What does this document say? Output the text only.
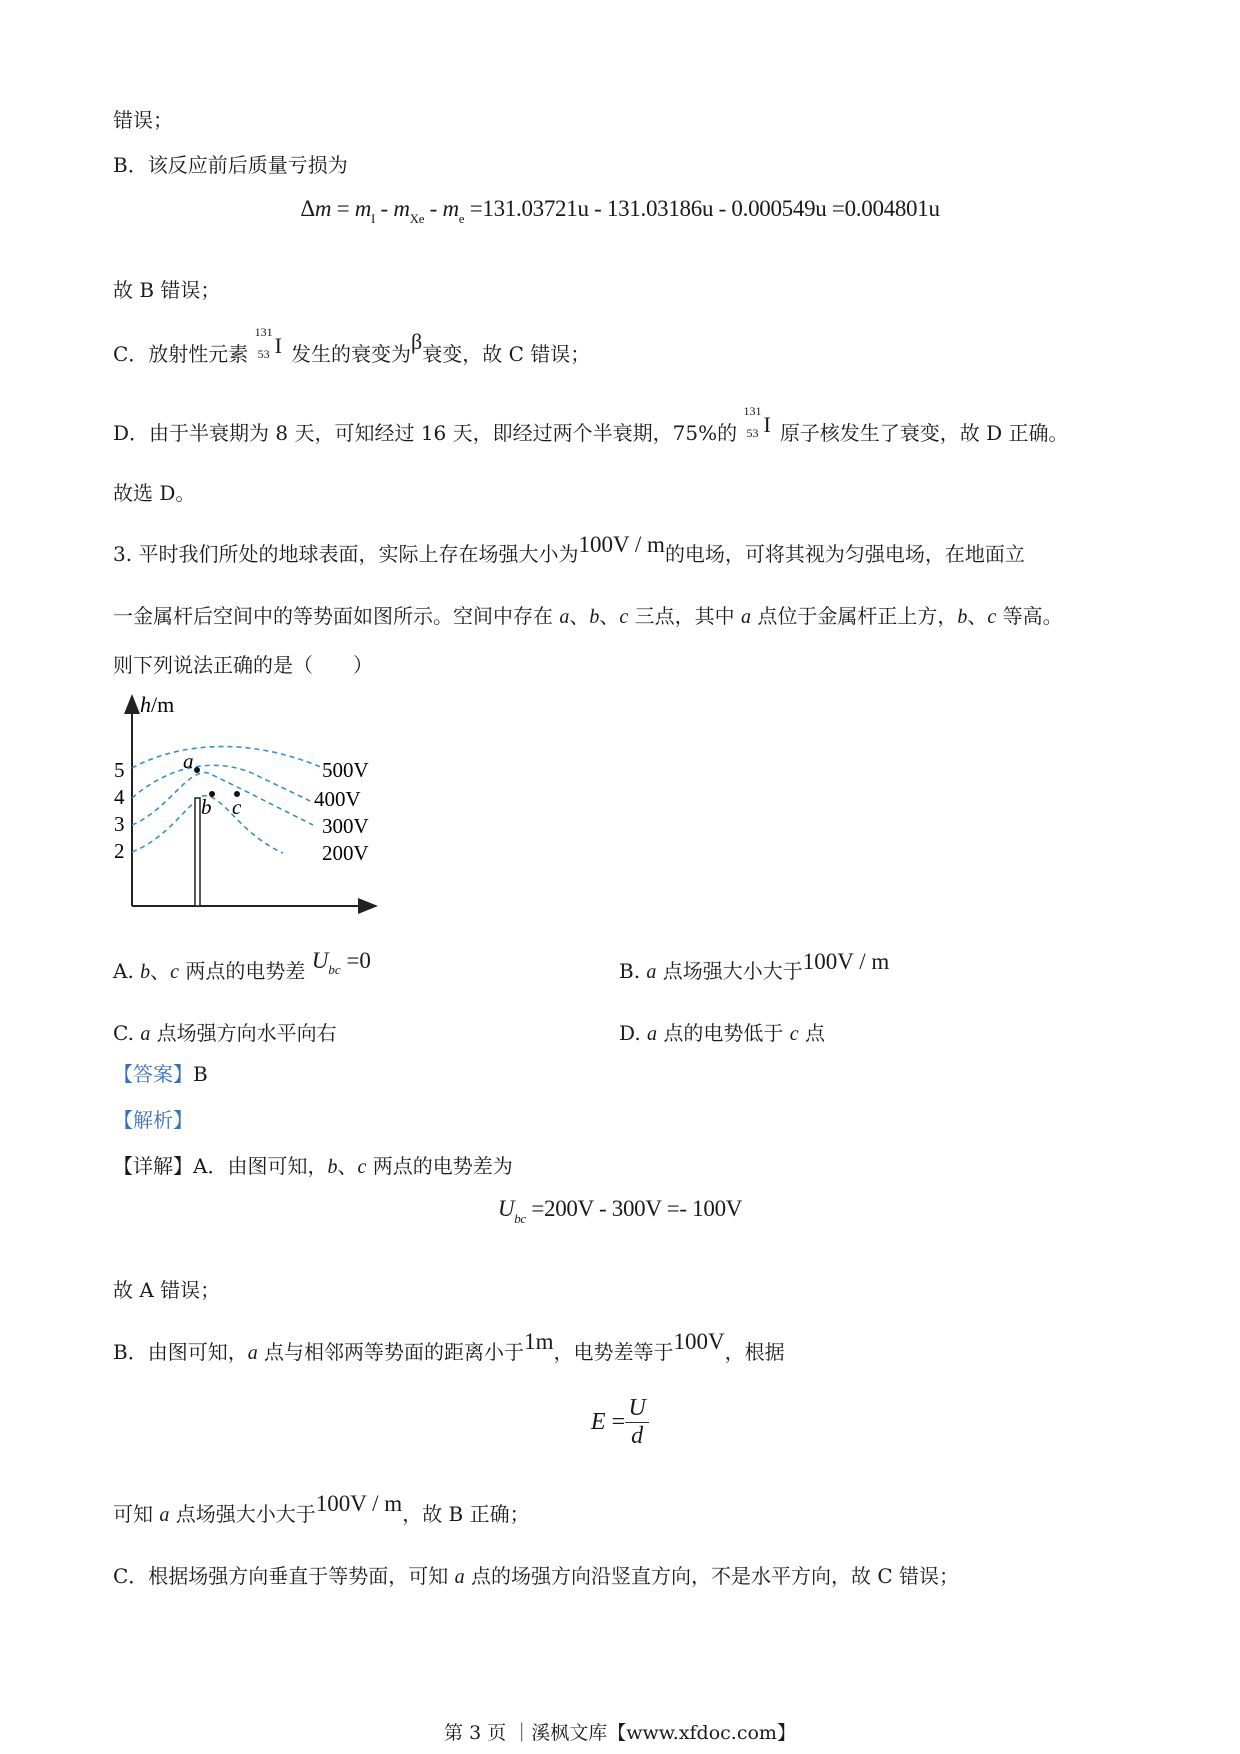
错误；
B．该反应前后质量亏损为
$\Delta m = m_I - m_{Xe} - m_e =131.03721u - 131.03186u - 0.000549u =0.004801u$
故 B 错误；
C．放射性元素
131
53 I 发生的衰变为β衰变，故 C 错误；
D．由于半衰期为 8 天，可知经过 16 天，即经过两个半衰期，75%的
131
53 I 原子核发生了衰变，故 D 正确。
故选 D。
3. 平时我们所处的地球表面，实际上存在场强大小为100V / m的电场，可将其视为匀强电场，在地面立
一金属杆后空间中的等势面如图所示。空间中存在 a、b、c 三点，其中 a 点位于金属杆正上方，b、c 等高。
则下列说法正确的是（　　）
h/m
5
4
3
2
500V
400V
300V
200V
a
b c
A. b、c 两点的电势差 $U_{bc} =0$	B. a 点场强大小大于100V / m
C. a 点场强方向水平向右	D. a 点的电势低于 c 点
【答案】B
【解析】
【详解】A．由图可知，b、c 两点的电势差为
$U_{bc} =200V - 300V =- 100V$
故 A 错误；
B．由图可知，a 点与相邻两等势面的距离小于1m，电势差等于100V，根据
$E = \frac{U}{d}$
可知 a 点场强大小大于100V / m，故 B 正确；
C．根据场强方向垂直于等势面，可知 a 点的场强方向沿竖直方向，不是水平方向，故 C 错误；
第 3 页 ｜溪枫文库【www.xfdoc.com】
